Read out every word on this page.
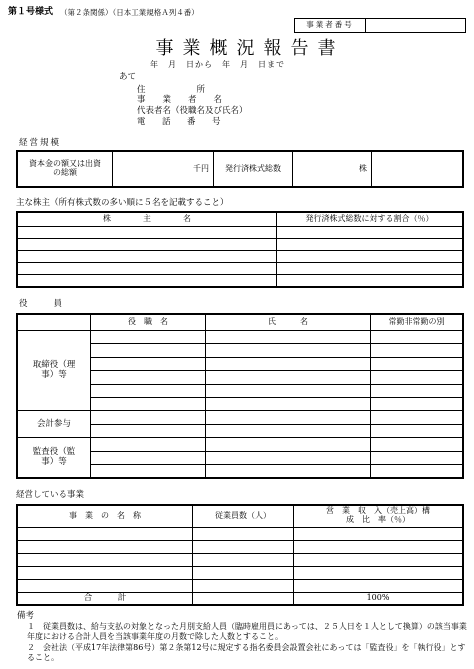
第１号様式 （第２条関係）（日本工業規格Ａ列４番）
事業者番号	
事業概況報告書
年　月　日から　年　月　日まで
あて
住　　　　　　所
事　　業　　者　　名
代表者名（役職名及び氏名）
電　話　番　号
経営規模
資本金の額又は出資の総額	千円	発行済株式総数	株	
主な株主（所有株式数の多い順に５名を記載すること）
株　　　　主　　　　名	発行済株式総数に対する割合（％）

役　　員
	役　職　名	氏　　　名	常勤非常勤の別
取締役（理事）等			

会計参与			

監査役（監事）等			

経営している事業
事　業　の　名　称	従業員数（人）	営　業　収　入（売上高）構　成　比　率（％）

合　　　計		100%
備考
１　従業員数は、給与支払の対象となった月別支給人員（臨時雇用員にあっては、２５人日を１人として換算）の該当事業年度における合計人員を当該事業年度の月数で除した人数とすること。
２　会社法（平成17年法律第86号）第２条第12号に規定する指名委員会設置会社にあっては「監査役」を「執行役」とすること。
